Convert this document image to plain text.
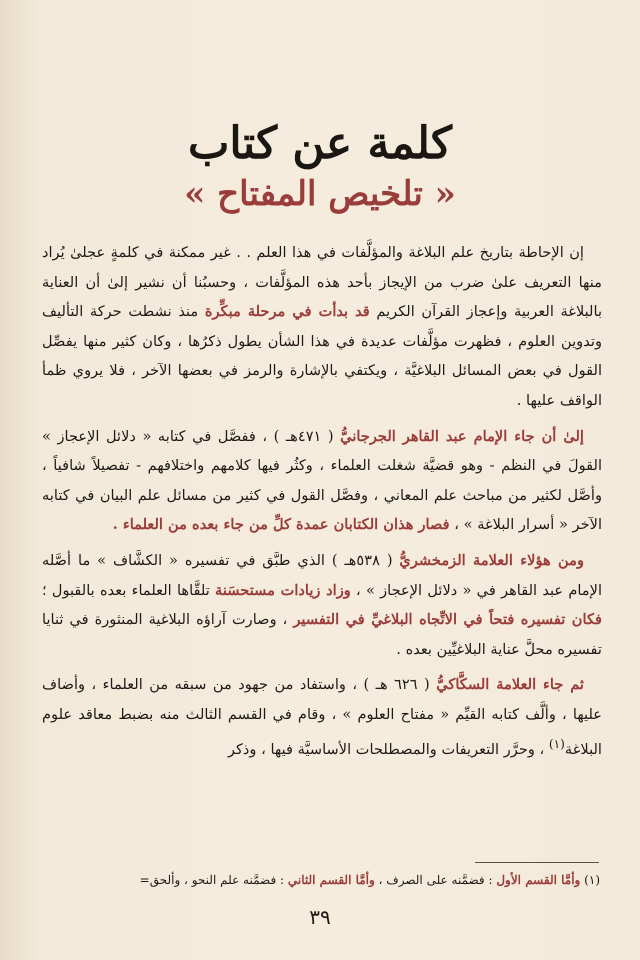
كلمة عن كتاب
« تلخيص المفتاح »

إن الإحاطة بتاريخ علم البلاغة والمؤلَّفات في هذا العلم . . غير ممكنة في كلمةٍ عجلىٰ يُراد منها التعريف علىٰ ضرب من الإيجاز بأحد هذه المؤلَّفات ، وحسبُنا أن نشير إلىٰ أن العناية بالبلاغة العربية وإعجاز القرآن الكريم قد بدأت في مرحلة مبكِّرة منذ نشطت حركة التأليف وتدوين العلوم ، فظهرت مؤلَّفات عديدة في هذا الشأن يطول ذكرُها ، وكان كثير منها يفصِّل القول في بعض المسائل البلاغيَّة ، ويكتفي بالإشارة والرمز في بعضها الآخر ، فلا يروي ظمأ الواقف عليها .

إلىٰ أن جاء الإمام عبد القاهر الجرجانيُّ ( ٤٧١هـ ) ، ففصَّل في كتابه « دلائل الإعجاز » القولَ في النظم - وهو قضيَّة شغلت العلماء ، وكثُر فيها كلامهم واختلافهم - تفصيلاً شافياً ، وأصَّل لكثير من مباحث علم المعاني ، وفصَّل القول في كثير من مسائل علم البيان في كتابه الآخر « أسرار البلاغة » ، فصار هذان الكتابان عمدة كلِّ من جاء بعده من العلماء .

ومن هؤلاء العلامة الزمخشريُّ ( ٥٣٨هـ ) الذي طبَّق في تفسيره « الكشَّاف » ما أصَّله الإمام عبد القاهر في « دلائل الإعجاز » ، وزاد زيادات مستحسَنة تلقَّاها العلماء بعده بالقبول ؛ فكان تفسيره فتحاً في الاتِّجاه البلاغيِّ في التفسير ، وصارت آراؤه البلاغية المنثورة في ثنايا تفسيره محلَّ عناية البلاغيِّين بعده .

ثم جاء العلامة السكَّاكيُّ ( ٦٢٦ هـ ) ، واستفاد من جهود من سبقه من العلماء ، وأضاف عليها ، وألَّف كتابه القيِّم « مفتاح العلوم » ، وقام في القسم الثالث منه بضبط معاقد علوم البلاغة$^{(١)}$ ، وحرَّر التعريفات والمصطلحات الأساسيَّة فيها ، وذكر

(١) وأمَّا القسم الأول : فضمَّنه على الصرف ، وأمَّا القسم الثاني : فضمَّنه علم النحو ، وألحق=
٣٩
